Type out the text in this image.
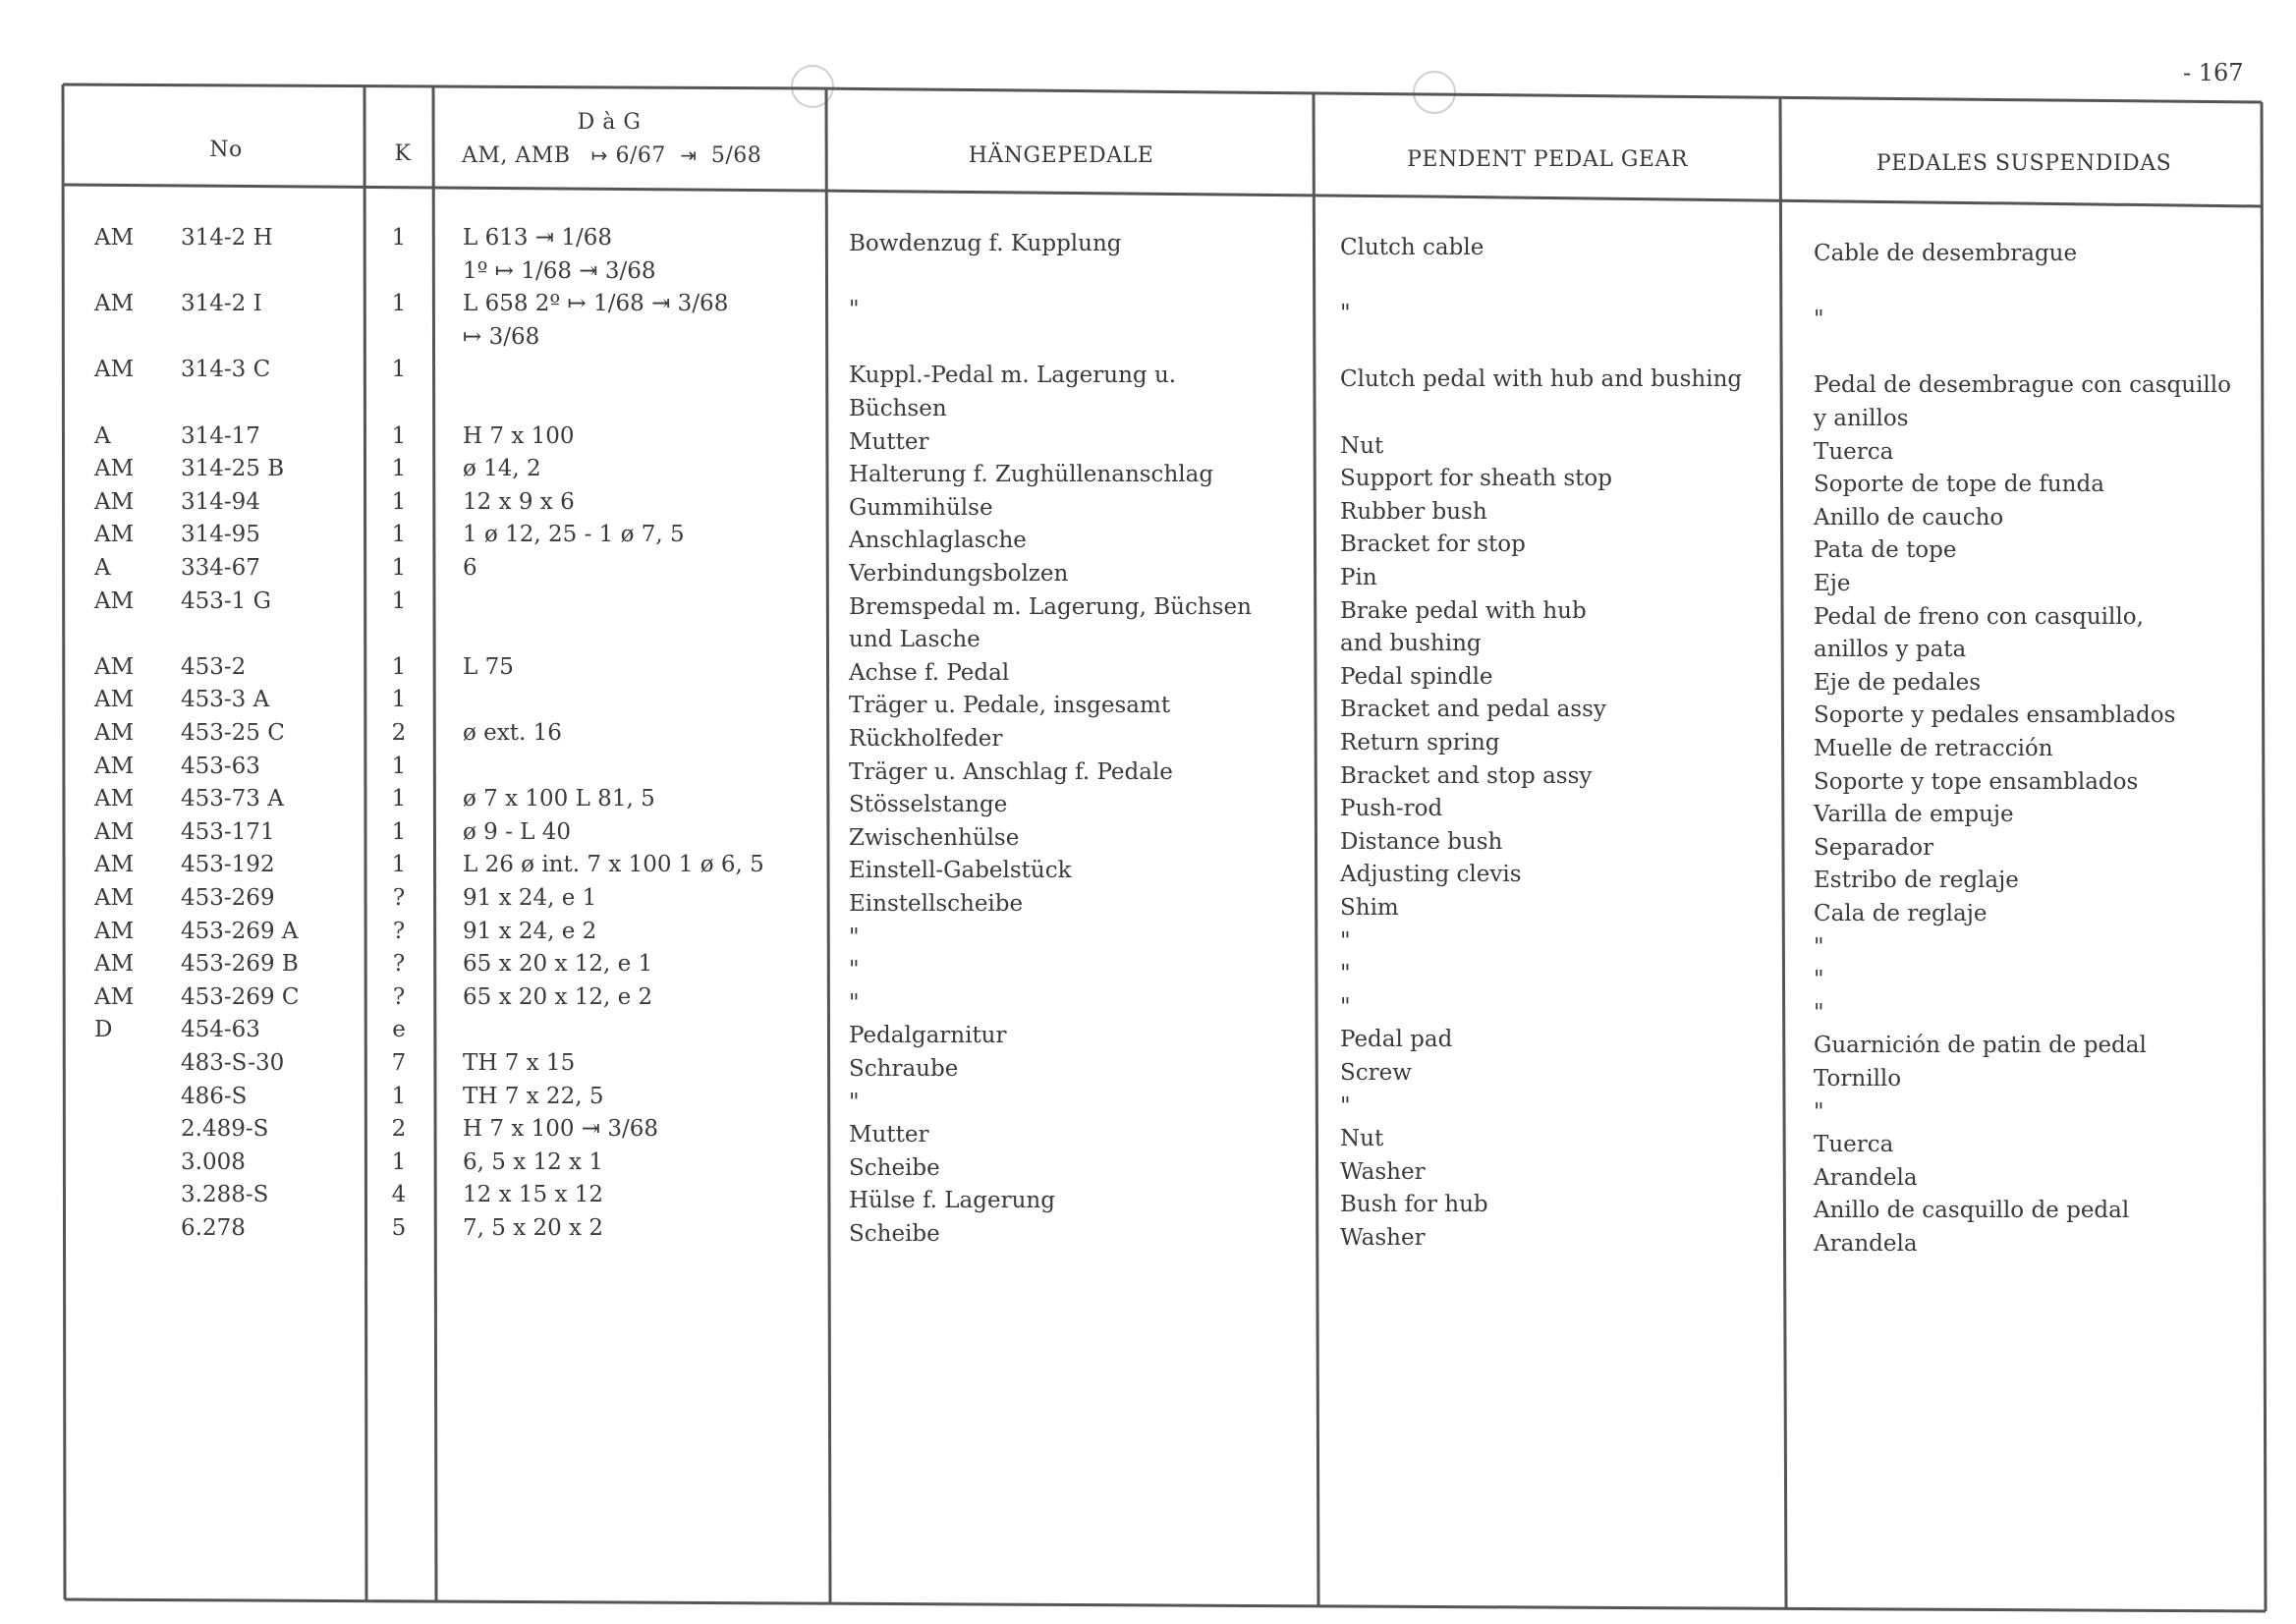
- 167
No	K
D à G
AM, AMB   ↦ 6/67  ⇥  5/68	HÄNGEPEDALE	PENDENT PEDAL GEAR	PEDALES SUSPENDIDAS
AM 314-2 H	1	L 613 ⇥ 1/68	Bowdenzug f. Kupplung	Clutch cable	Cable de desembrague
1º ↦ 1/68 ⇥ 3/68
AM 314-2 I	1	L 658 2º ↦ 1/68 ⇥ 3/68	"	"	"
↦ 3/68
AM 314-3 C	1	Kuppl.-Pedal m. Lagerung u.	Clutch pedal with hub and bushing	Pedal de desembrague con casquillo
Büchsen	y anillos
A	314-17	1	H 7 x 100	Mutter	Nut	Tuerca
AM 314-25 B	1	ø 14, 2	Halterung f. Zughüllenanschlag	Support for sheath stop	Soporte de tope de funda
AM 314-94	1	12 x 9 x 6	Gummihülse	Rubber bush	Anillo de caucho
AM 314-95	1	1 ø 12, 25 - 1 ø 7, 5	Anschlaglasche	Bracket for stop	Pata de tope
A	334-67	1	6	Verbindungsbolzen	Pin	Eje
AM 453-1 G	1	Bremspedal m. Lagerung, Büchsen	Brake pedal with hub	Pedal de freno con casquillo,
und Lasche	and bushing	anillos y pata
AM 453-2	1	L 75	Achse f. Pedal	Pedal spindle	Eje de pedales
AM 453-3 A	1	Träger u. Pedale, insgesamt	Bracket and pedal assy	Soporte y pedales ensamblados
AM 453-25 C	2	ø ext. 16	Rückholfeder	Return spring	Muelle de retracción
AM 453-63	1	Träger u. Anschlag f. Pedale	Bracket and stop assy	Soporte y tope ensamblados
AM 453-73 A	1	ø 7 x 100 L 81, 5	Stösselstange	Push-rod	Varilla de empuje
AM 453-171	1	ø 9 - L 40	Zwischenhülse	Distance bush	Separador
AM 453-192	1	L 26 ø int. 7 x 100 1 ø 6, 5	Einstell-Gabelstück	Adjusting clevis	Estribo de reglaje
AM 453-269	?	91 x 24, e 1	Einstellscheibe	Shim	Cala de reglaje
AM 453-269 A	?	91 x 24, e 2	"	"	"
AM 453-269 B	?	65 x 20 x 12, e 1	"	"	"
AM 453-269 C	?	65 x 20 x 12, e 2	"	"	"
D	454-63	e	Pedalgarnitur	Pedal pad	Guarnición de patin de pedal
483-S-30	7	TH 7 x 15	Schraube	Screw	Tornillo
486-S	1	TH 7 x 22, 5	"	"	"
2.489-S	2	H 7 x 100 ⇥ 3/68	Mutter	Nut	Tuerca
3.008	1	6, 5 x 12 x 1	Scheibe	Washer	Arandela
3.288-S	4	12 x 15 x 12	Hülse f. Lagerung	Bush for hub	Anillo de casquillo de pedal
6.278	5	7, 5 x 20 x 2	Scheibe	Washer	Arandela
